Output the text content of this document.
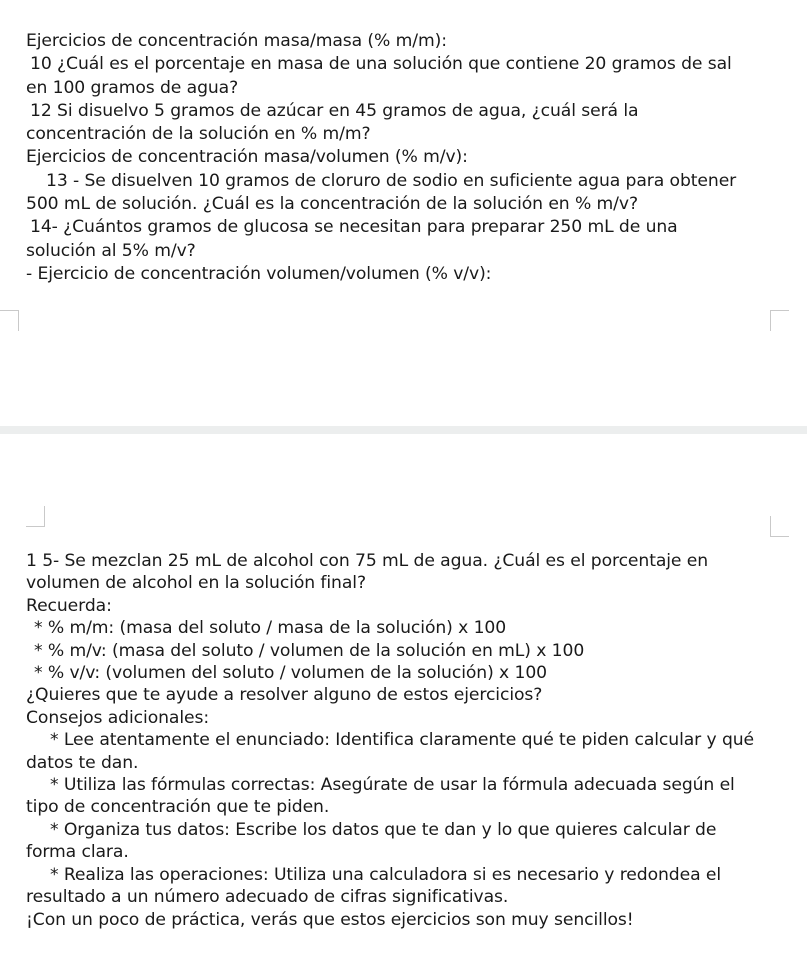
Ejercicios de concentración masa/masa (% m/m):
10 ¿Cuál es el porcentaje en masa de una solución que contiene 20 gramos de sal
en 100 gramos de agua?
12 Si disuelvo 5 gramos de azúcar en 45 gramos de agua, ¿cuál será la
concentración de la solución en % m/m?
Ejercicios de concentración masa/volumen (% m/v):
13 - Se disuelven 10 gramos de cloruro de sodio en suficiente agua para obtener
500 mL de solución. ¿Cuál es la concentración de la solución en % m/v?
14- ¿Cuántos gramos de glucosa se necesitan para preparar 250 mL de una
solución al 5% m/v?
- Ejercicio de concentración volumen/volumen (% v/v):
1 5- Se mezclan 25 mL de alcohol con 75 mL de agua. ¿Cuál es el porcentaje en
volumen de alcohol en la solución final?
Recuerda:
* % m/m: (masa del soluto / masa de la solución) x 100
* % m/v: (masa del soluto / volumen de la solución en mL) x 100
* % v/v: (volumen del soluto / volumen de la solución) x 100
¿Quieres que te ayude a resolver alguno de estos ejercicios?
Consejos adicionales:
* Lee atentamente el enunciado: Identifica claramente qué te piden calcular y qué
datos te dan.
* Utiliza las fórmulas correctas: Asegúrate de usar la fórmula adecuada según el
tipo de concentración que te piden.
* Organiza tus datos: Escribe los datos que te dan y lo que quieres calcular de
forma clara.
* Realiza las operaciones: Utiliza una calculadora si es necesario y redondea el
resultado a un número adecuado de cifras significativas.
¡Con un poco de práctica, verás que estos ejercicios son muy sencillos!
